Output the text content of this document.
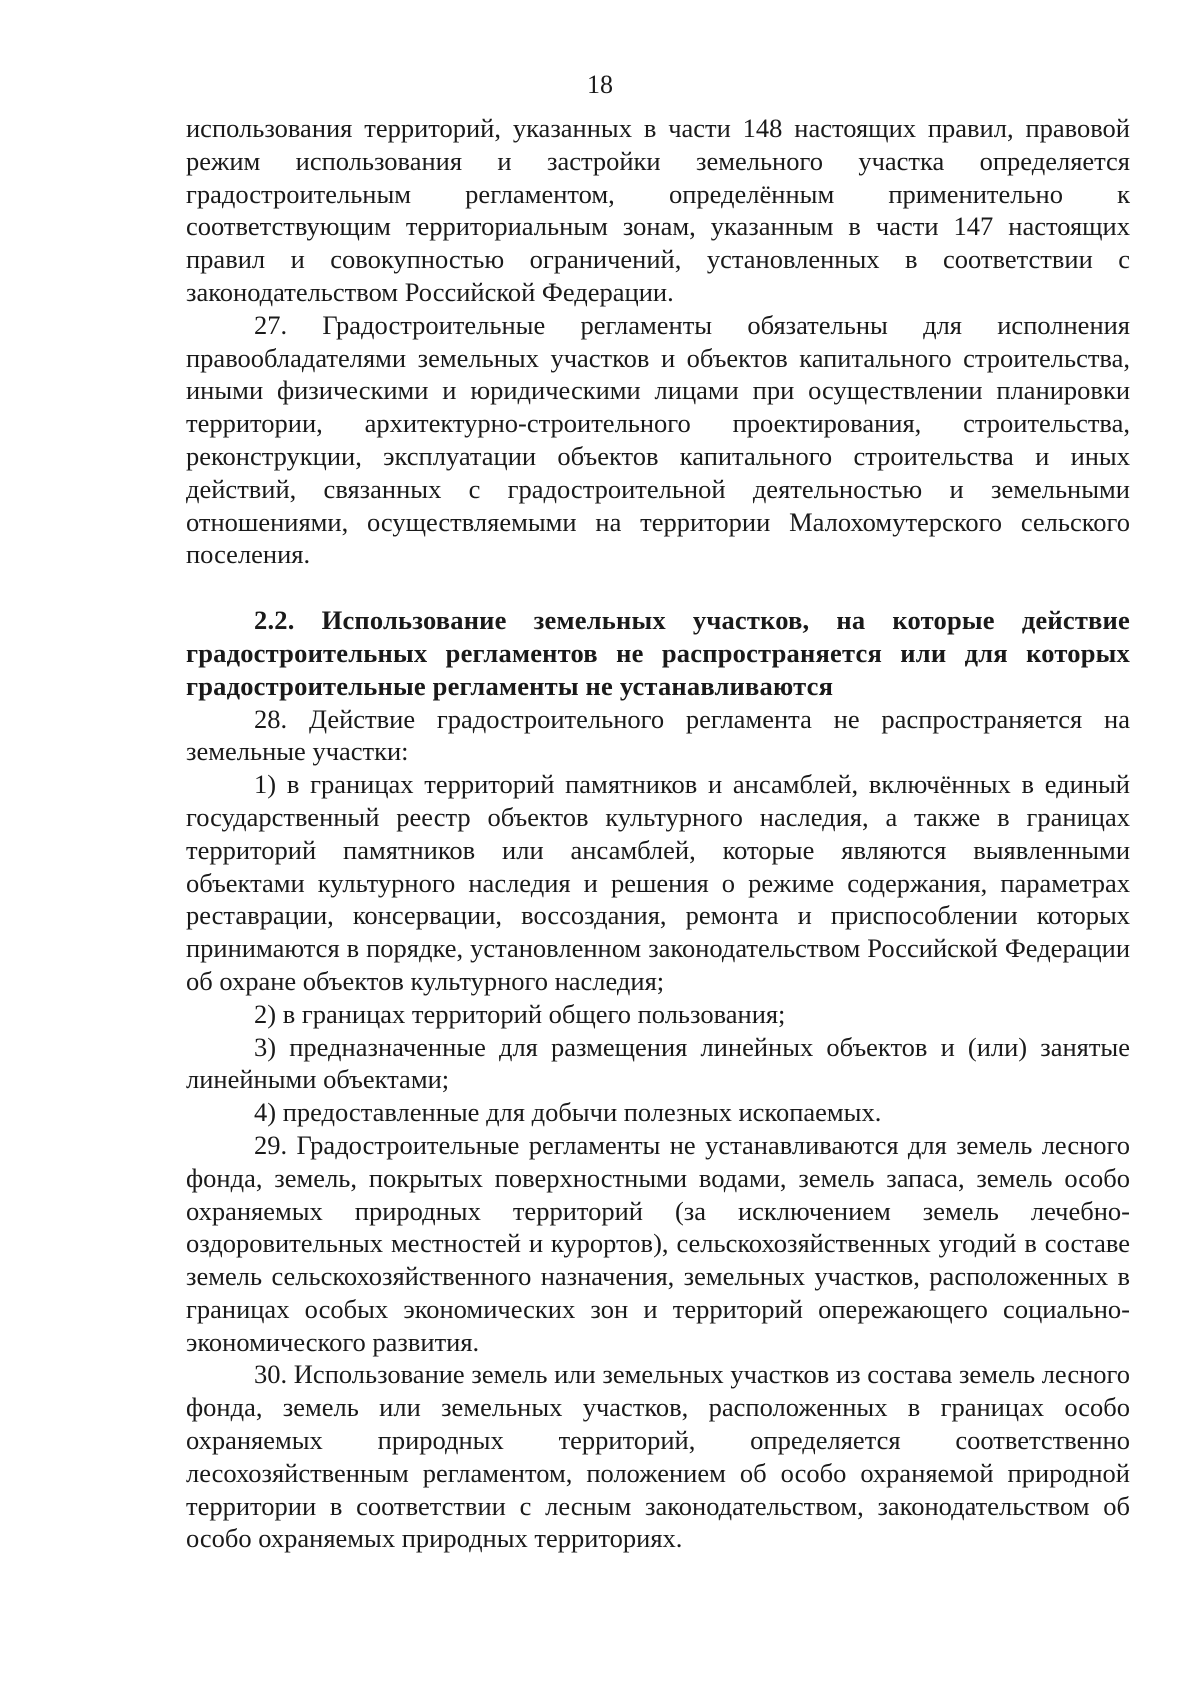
18

использования территорий, указанных в части 148 настоящих правил, правовой режим использования и застройки земельного участка определяется градостроительным регламентом, определённым применительно к соответствующим территориальным зонам, указанным в части 147 настоящих правил и совокупностью ограничений, установленных в соответствии с законодательством Российской Федерации.

27. Градостроительные регламенты обязательны для исполнения правообладателями земельных участков и объектов капитального строительства, иными физическими и юридическими лицами при осуществлении планировки территории, архитектурно-строительного проектирования, строительства, реконструкции, эксплуатации объектов капитального строительства и иных действий, связанных с градостроительной деятельностью и земельными отношениями, осуществляемыми на территории Малохомутерского сельского поселения.

2.2. Использование земельных участков, на которые действие градостроительных регламентов не распространяется или для которых градостроительные регламенты не устанавливаются

28. Действие градостроительного регламента не распространяется на земельные участки:

1) в границах территорий памятников и ансамблей, включённых в единый государственный реестр объектов культурного наследия, а также в границах территорий памятников или ансамблей, которые являются выявленными объектами культурного наследия и решения о режиме содержания, параметрах реставрации, консервации, воссоздания, ремонта и приспособлении которых принимаются в порядке, установленном законодательством Российской Федерации об охране объектов культурного наследия;

2) в границах территорий общего пользования;

3) предназначенные для размещения линейных объектов и (или) занятые линейными объектами;

4) предоставленные для добычи полезных ископаемых.

29. Градостроительные регламенты не устанавливаются для земель лесного фонда, земель, покрытых поверхностными водами, земель запаса, земель особо охраняемых природных территорий (за исключением земель лечебно-оздоровительных местностей и курортов), сельскохозяйственных угодий в составе земель сельскохозяйственного назначения, земельных участков, расположенных в границах особых экономических зон и территорий опережающего социально-экономического развития.

30. Использование земель или земельных участков из состава земель лесного фонда, земель или земельных участков, расположенных в границах особо охраняемых природных территорий, определяется соответственно лесохозяйственным регламентом, положением об особо охраняемой природной территории в соответствии с лесным законодательством, законодательством об особо охраняемых природных территориях.
